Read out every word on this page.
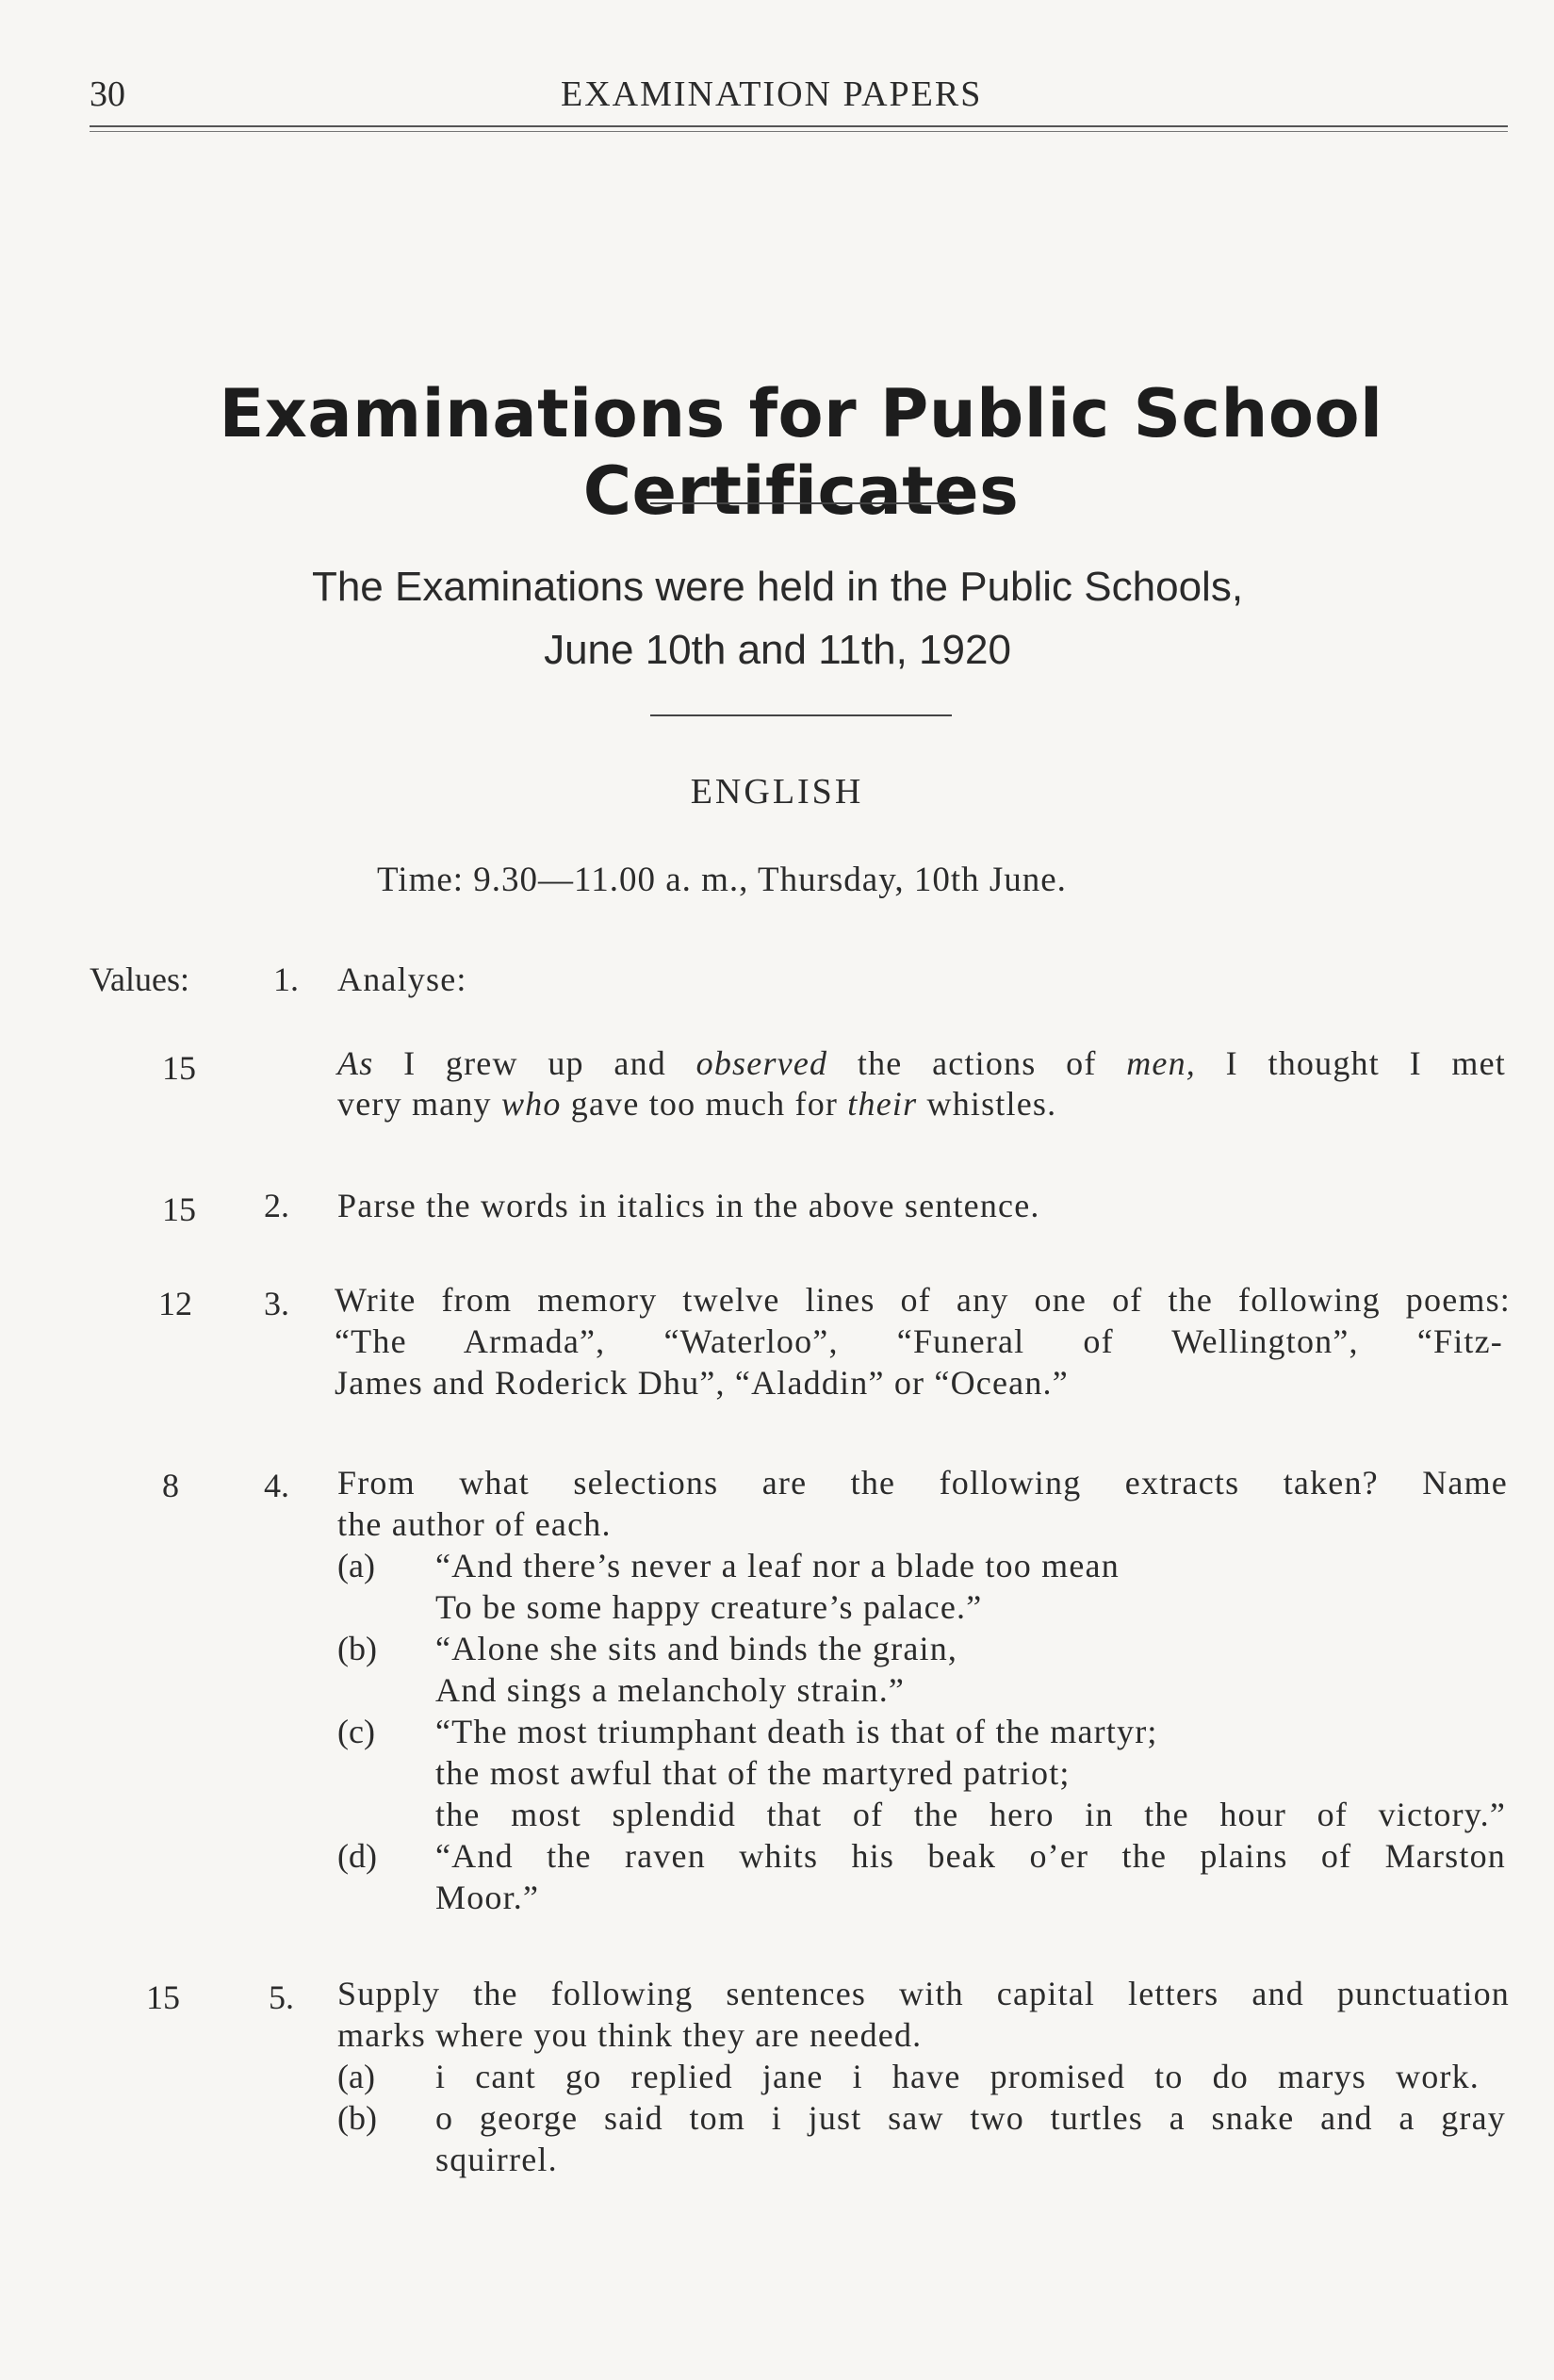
30	EXAMINATION PAPERS
Examinations for Public School Certificates
The Examinations were held in the Public Schools,
June 10th and 11th, 1920
ENGLISH
Time: 9.30—11.00 a. m., Thursday, 10th June.
Values: 1. Analyse:
15	As I grew up and observed the actions of men, I thought I met
very many who gave too much for their whistles.
15 2. Parse the words in italics in the above sentence.
12 3. Write from memory twelve lines of any one of the following poems:
“The Armada”, “Waterloo”, “Funeral of Wellington”, “Fitz-
James and Roderick Dhu”, “Aladdin” or “Ocean.”
8	4. From what selections are the following extracts taken? Name
the author of each.
(a) “And there’s never a leaf nor a blade too mean
To be some happy creature’s palace.”
(b) “Alone she sits and binds the grain,
And sings a melancholy strain.”
(c) “The most triumphant death is that of the martyr;
the most awful that of the martyred patriot;
the most splendid that of the hero in the hour of victory.”
(d) “And the raven whits his beak o’er the plains of Marston
Moor.”
15	5. Supply the following sentences with capital letters and punctuation
marks where you think they are needed.
(a) i cant go replied jane i have promised to do marys work.
(b) o george said tom i just saw two turtles a snake and a gray
squirrel.
